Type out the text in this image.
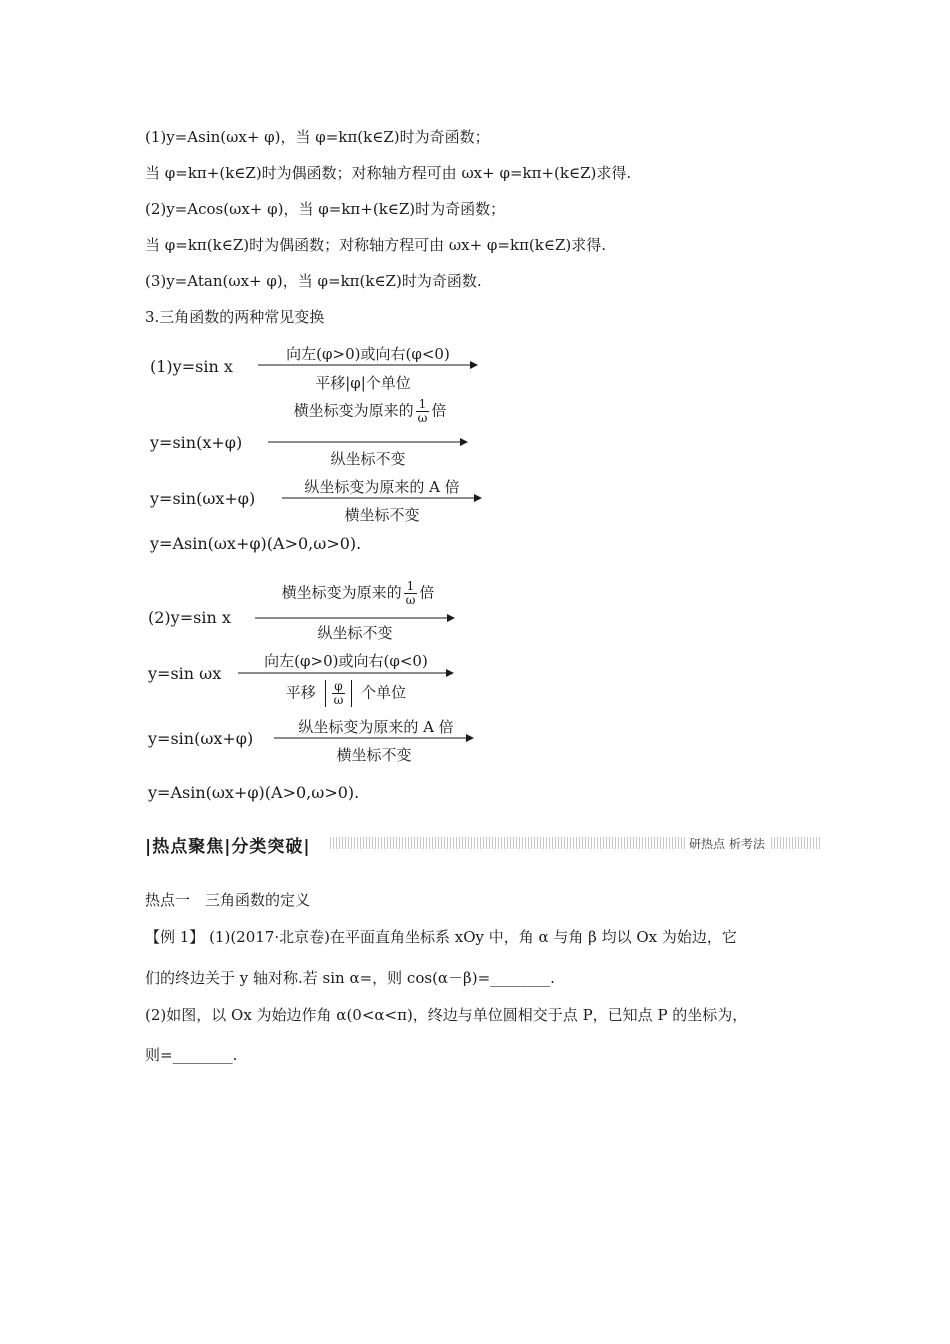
(1)y=Asin(ωx+ φ)，当 φ=kπ(k∈Z)时为奇函数；
当 φ=kπ+(k∈Z)时为偶函数；对称轴方程可由 ωx+ φ=kπ+(k∈Z)求得.
(2)y=Acos(ωx+ φ)，当 φ=kπ+(k∈Z)时为奇函数；
当 φ=kπ(k∈Z)时为偶函数；对称轴方程可由 ωx+ φ=kπ(k∈Z)求得.
(3)y=Atan(ωx+ φ)，当 φ=kπ(k∈Z)时为奇函数.
3.三角函数的两种常见变换
(1)y=sin x
向左(φ>0)或向右(φ<0)
平移|φ|个单位
横坐标变为原来的 $\frac{1}{\omega}$ 倍
y=sin(x+φ)
纵坐标不变
y=sin(ωx+φ)
纵坐标变为原来的 A 倍
横坐标不变
y=Asin(ωx+φ)(A>0,ω>0).
横坐标变为原来的 $\frac{1}{\omega}$ 倍
(2)y=sin x
纵坐标不变
向左(φ>0)或向右(φ<0)
y=sin ωx
平移 $\frac{\varphi}{\omega}$ 个单位
纵坐标变为原来的 A 倍
y=sin(ωx+φ)
横坐标不变
y=Asin(ωx+φ)(A>0,ω>0).
|热点聚焦|分类突破|	研热点 析考法
热点一　三角函数的定义
【例 1】 (1)(2017·北京卷)在平面直角坐标系 xOy 中，角 α 与角 β 均以 Ox 为始边，它
们的终边关于 y 轴对称.若 sin α=，则 cos(α－β)=________.
(2)如图，以 Ox 为始边作角 α(0<α<π)，终边与单位圆相交于点 P，已知点 P 的坐标为，
则=________.
